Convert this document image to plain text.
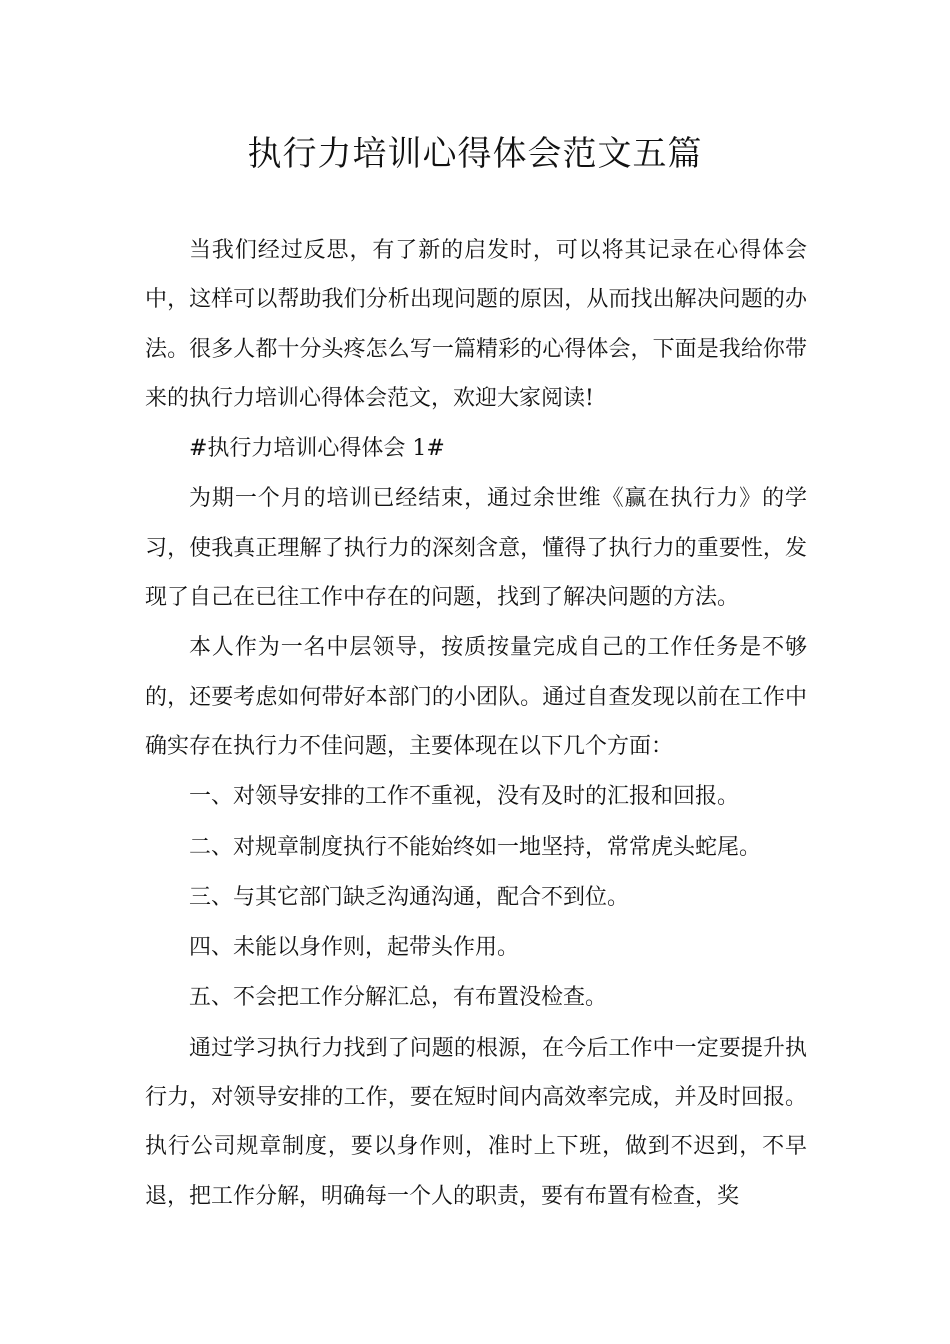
执行力培训心得体会范文五篇

当我们经过反思，有了新的启发时，可以将其记录在心得体会中，这样可以帮助我们分析出现问题的原因，从而找出解决问题的办法。很多人都十分头疼怎么写一篇精彩的心得体会，下面是我给你带来的执行力培训心得体会范文，欢迎大家阅读!

#执行力培训心得体会 1#

为期一个月的培训已经结束，通过余世维《赢在执行力》的学习，使我真正理解了执行力的深刻含意，懂得了执行力的重要性，发现了自己在已往工作中存在的问题，找到了解决问题的方法。

本人作为一名中层领导，按质按量完成自己的工作任务是不够的，还要考虑如何带好本部门的小团队。通过自查发现以前在工作中确实存在执行力不佳问题，主要体现在以下几个方面：

一、对领导安排的工作不重视，没有及时的汇报和回报。

二、对规章制度执行不能始终如一地坚持，常常虎头蛇尾。

三、与其它部门缺乏沟通沟通，配合不到位。

四、未能以身作则，起带头作用。

五、不会把工作分解汇总，有布置没检查。

通过学习执行力找到了问题的根源，在今后工作中一定要提升执行力，对领导安排的工作，要在短时间内高效率完成，并及时回报。执行公司规章制度，要以身作则，准时上下班，做到不迟到，不早退，把工作分解，明确每一个人的职责，要有布置有检查，奖
